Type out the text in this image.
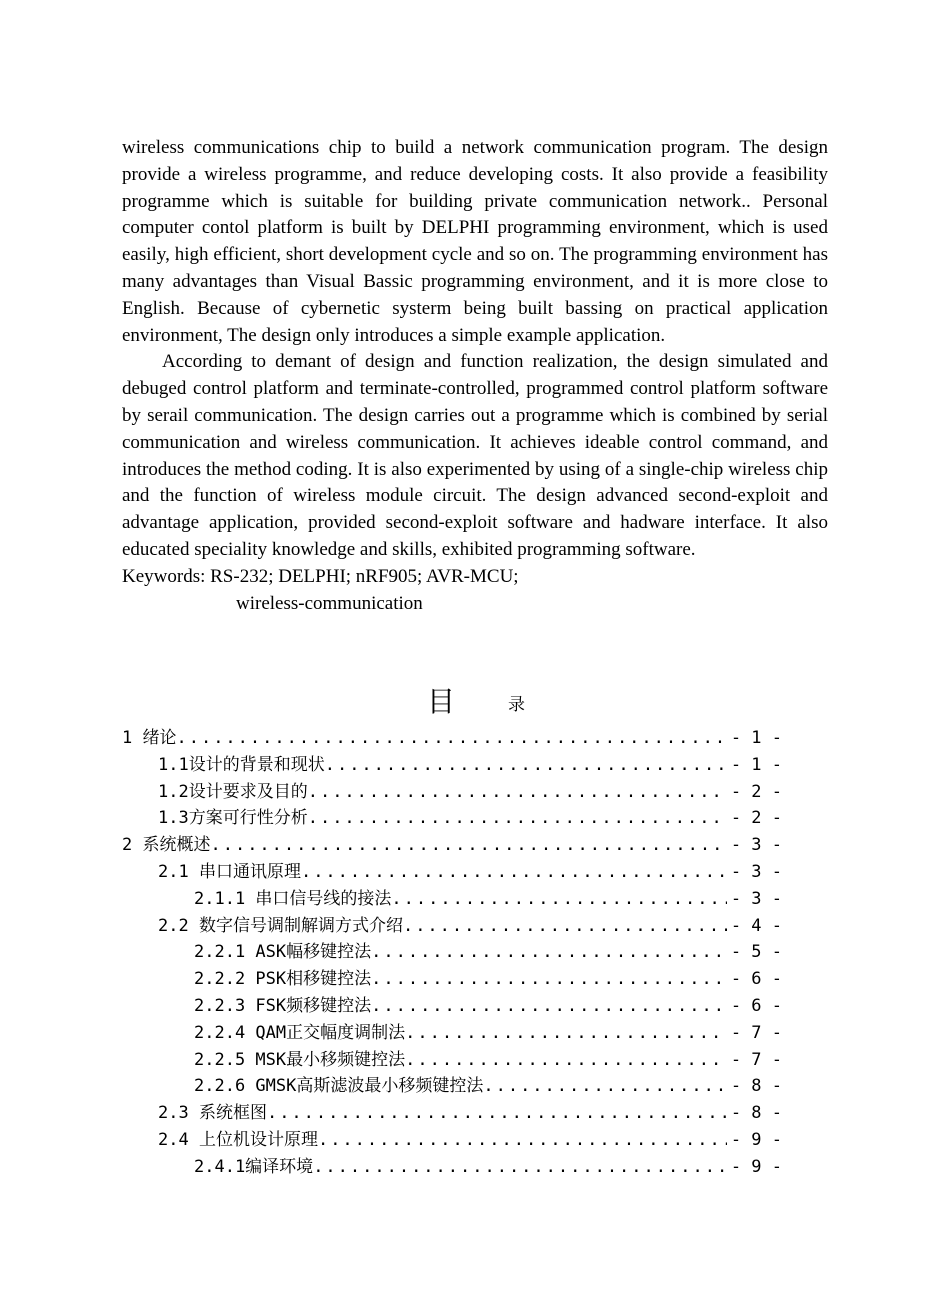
wireless communications chip to build a network communication program. The design provide a wireless programme, and reduce developing costs. It also provide a feasibility programme which is suitable for building private communication network.. Personal computer contol platform is built by DELPHI programming environment, which is used easily, high efficient, short development cycle and so on. The programming environment has many advantages than Visual Bassic programming environment, and it is more close to English. Because of cybernetic systerm being built bassing on practical application environment, The design only introduces a simple example application.

According to demant of design and function realization, the design simulated and debuged control platform and terminate-controlled, programmed control platform software by serail communication. The design carries out a programme which is combined by serial communication and wireless communication. It achieves ideable control command, and introduces the method coding. It is also experimented by using of a single-chip wireless chip and the function of wireless module circuit. The design advanced second-exploit and advantage application, provided second-exploit software and hadware interface. It also educated speciality knowledge and skills, exhibited programming software.

Keywords: RS-232; DELPHI; nRF905; AVR-MCU;

wireless-communication

目	录
1 绪论 .....	- 1 -
1.1设计的背景和现状 .....	- 1 -
1.2设计要求及目的 .....	- 2 -
1.3方案可行性分析 .....	- 2 -
2 系统概述 .....	- 3 -
2.1 串口通讯原理 .....	- 3 -
2.1.1 串口信号线的接法 .....	- 3 -
2.2 数字信号调制解调方式介绍 .....	- 4 -
2.2.1 ASK幅移键控法 .....	- 5 -
2.2.2 PSK相移键控法 .....	- 6 -
2.2.3 FSK频移键控法 .....	- 6 -
2.2.4 QAM正交幅度调制法 .....	- 7 -
2.2.5 MSK最小移频键控法 .....	- 7 -
2.2.6 GMSK高斯滤波最小移频键控法 .....	- 8 -
2.3 系统框图 .....	- 8 -
2.4 上位机设计原理 .....	- 9 -
2.4.1编译环境 .....	- 9 -
